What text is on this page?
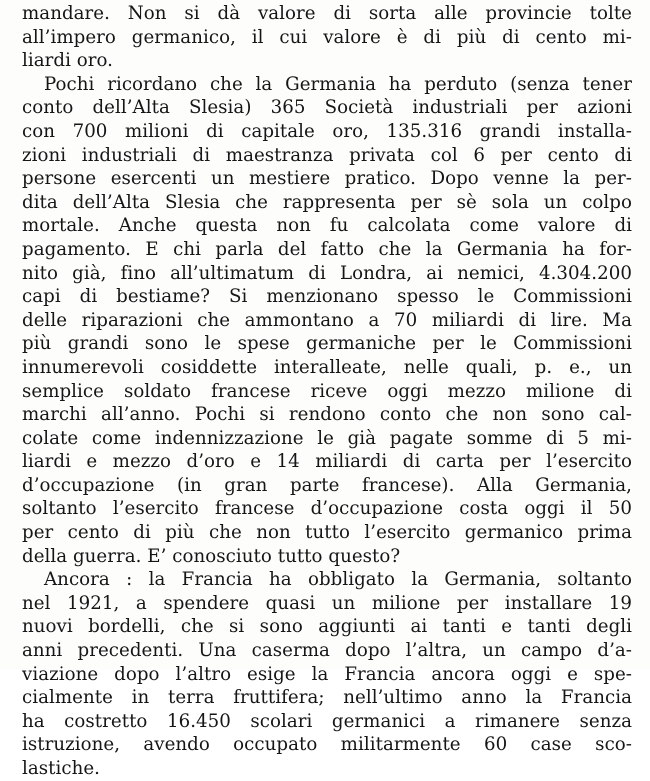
mandare. Non si dà valore di sorta alle provincie tolte
all’impero germanico, il cui valore è di più di cento mi-
liardi oro.

Pochi ricordano che la Germania ha perduto (senza tener
conto dell’Alta Slesia) 365 Società industriali per azioni
con 700 milioni di capitale oro, 135.316 grandi installa-
zioni industriali di maestranza privata col 6 per cento di
persone esercenti un mestiere pratico. Dopo venne la per-
dita dell’Alta Slesia che rappresenta per sè sola un colpo
mortale. Anche questa non fu calcolata come valore di
pagamento. E chi parla del fatto che la Germania ha for-
nito già, fino all’ultimatum di Londra, ai nemici, 4.304.200
capi di bestiame? Si menzionano spesso le Commissioni
delle riparazioni che ammontano a 70 miliardi di lire. Ma
più grandi sono le spese germaniche per le Commissioni
innumerevoli cosiddette interalleate, nelle quali, p. e., un
semplice soldato francese riceve oggi mezzo milione di
marchi all’anno. Pochi si rendono conto che non sono cal-
colate come indennizzazione le già pagate somme di 5 mi-
liardi e mezzo d’oro e 14 miliardi di carta per l’esercito
d’occupazione (in gran parte francese). Alla Germania,
soltanto l’esercito francese d’occupazione costa oggi il 50
per cento di più che non tutto l’esercito germanico prima
della guerra. E’ conosciuto tutto questo?

Ancora : la Francia ha obbligato la Germania, soltanto
nel 1921, a spendere quasi un milione per installare 19
nuovi bordelli, che si sono aggiunti ai tanti e tanti degli
anni precedenti. Una caserma dopo l’altra, un campo d’a-
viazione dopo l’altro esige la Francia ancora oggi e spe-
cialmente in terra fruttifera; nell’ultimo anno la Francia
ha costretto 16.450 scolari germanici a rimanere senza
istruzione, avendo occupato militarmente 60 case sco-
lastiche.
